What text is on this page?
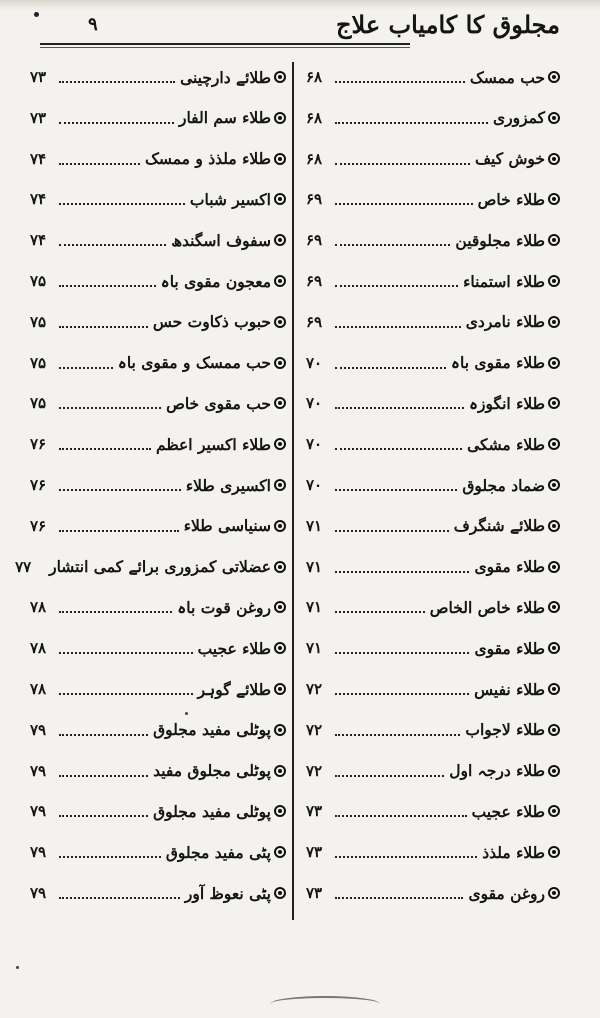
مجلوق کا کامیاب علاج
۹
حب ممسک
۶۸
کمزوری
۶۸
خوش کیف
۶۸
طلاء خاص
۶۹
طلاء مجلوقین
۶۹
طلاء استمناء
۶۹
طلاء نامردی
۶۹
طلاء مقوی باہ
۷۰
طلاء انگوزہ
۷۰
طلاء مشکی
۷۰
ضماد مجلوق
۷۰
طلائے شنگرف
۷۱
طلاء مقوی
۷۱
طلاء خاص الخاص
۷۱
طلاء مقوی
۷۱
طلاء نفیس
۷۲
طلاء لاجواب
۷۲
طلاء درجہ اول
۷۲
طلاء عجیب
۷۳
طلاء ملذذ
۷۳
روغن مقوی
۷۳
طلائے دارچینی
۷۳
طلاء سم الفار
۷۳
طلاء ملذذ و ممسک
۷۴
اکسیر شباب
۷۴
سفوف اسگندھ
۷۴
معجون مقوی باہ
۷۵
حبوب ذکاوت حس
۷۵
حب ممسک و مقوی باہ
۷۵
حب مقوی خاص
۷۵
طلاء اکسیر اعظم
۷۶
اکسیری طلاء
۷۶
سنیاسی طلاء
۷۶
عضلاتی کمزوری برائے کمی انتشار
۷۷
روغن قوت باہ
۷۸
طلاء عجیب
۷۸
طلائے گوہر
۷۸
پوٹلی مفید مجلوق
۷۹
پوٹلی مجلوق مفید
۷۹
پوٹلی مفید مجلوق
۷۹
پٹی مفید مجلوق
۷۹
پٹی نعوظ آور
۷۹
